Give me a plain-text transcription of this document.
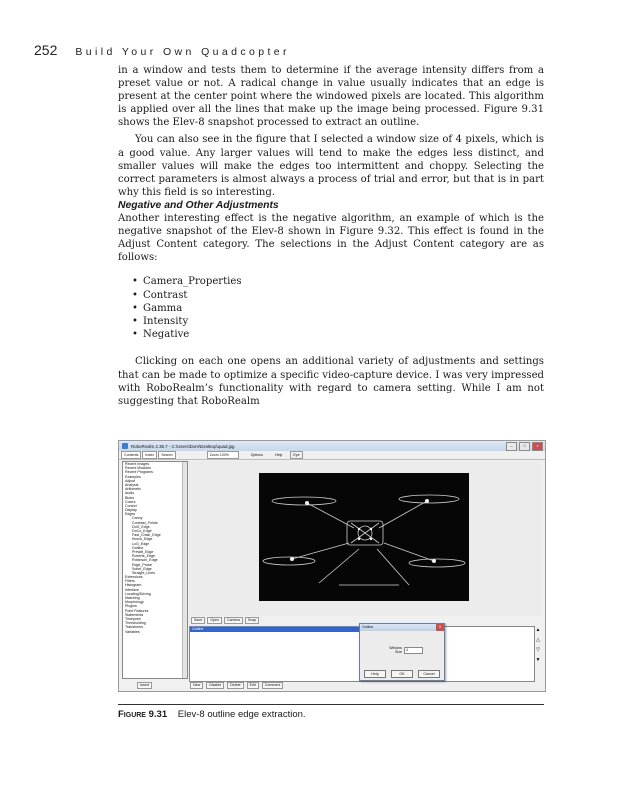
252 Build Your Own Quadcopter

in a window and tests them to determine if the average intensity differs from a preset value or not. A radical change in value usually indicates that an edge is present at the center point where the windowed pixels are located. This algorithm is applied over all the lines that make up the image being processed. Figure 9.31 shows the Elev-8 snapshot processed to extract an outline.

You can also see in the figure that I selected a window size of 4 pixels, which is a good value. Any larger values will tend to make the edges less distinct, and smaller values will make the edges too intermittent and choppy. Selecting the correct parameters is almost always a process of trial and error, but that is in part why this field is so interesting.

Negative and Other Adjustments

Another interesting effect is the negative algorithm, an example of which is the negative snapshot of the Elev-8 shown in Figure 9.32. This effect is found in the Adjust Content category. The selections in the Adjust Content category are as follows:

• Camera_Properties
• Contrast
• Gamma
• Intensity
• Negative

Clicking on each one opens an additional variety of adjustments and settings that can be made to optimize a specific video-capture device. I was very impressed with RoboRealm’s functionality with regard to camera setting. While I am not suggesting that RoboRealm

RoboRealm 2.36.7 - C:\Users\Dom\Desktop\quad.jpg	–	□	×
Contents	Index	Search	Zoom 100%	Options	Help	Eye
Recent Images
Recent Modules
Recent Programs
Examples
Adjust
Analysis
Arithmetic
Audio
Blobs
Colors
Control
Display
Edges
Canny
Contrast_Points
DoG_Edge
DoCo_Edge
Fast_Chain_Edge
Kirsch_Edge
LoG_Edge
Outline
Prewitt_Edge
Roberts_Edge
Robinson_Edge
Edge_Probe
Sobel_Edge
Straight_Lines
Extensions
Filters
Histogram
Interface
Locating/Driving
Matching
Morphology
Plugins
Point Features
Statements
Timepoint
Thresholding
Transforms
Variables
Save	Open	Camera	Snap
Outline	▲
△
▽
▼
Insert	New	Disable	Delete	Edit	Comment
Outline	X
Window Size
4
Help	OK	Cancel
Figure 9.31 Elev-8 outline edge extraction.
